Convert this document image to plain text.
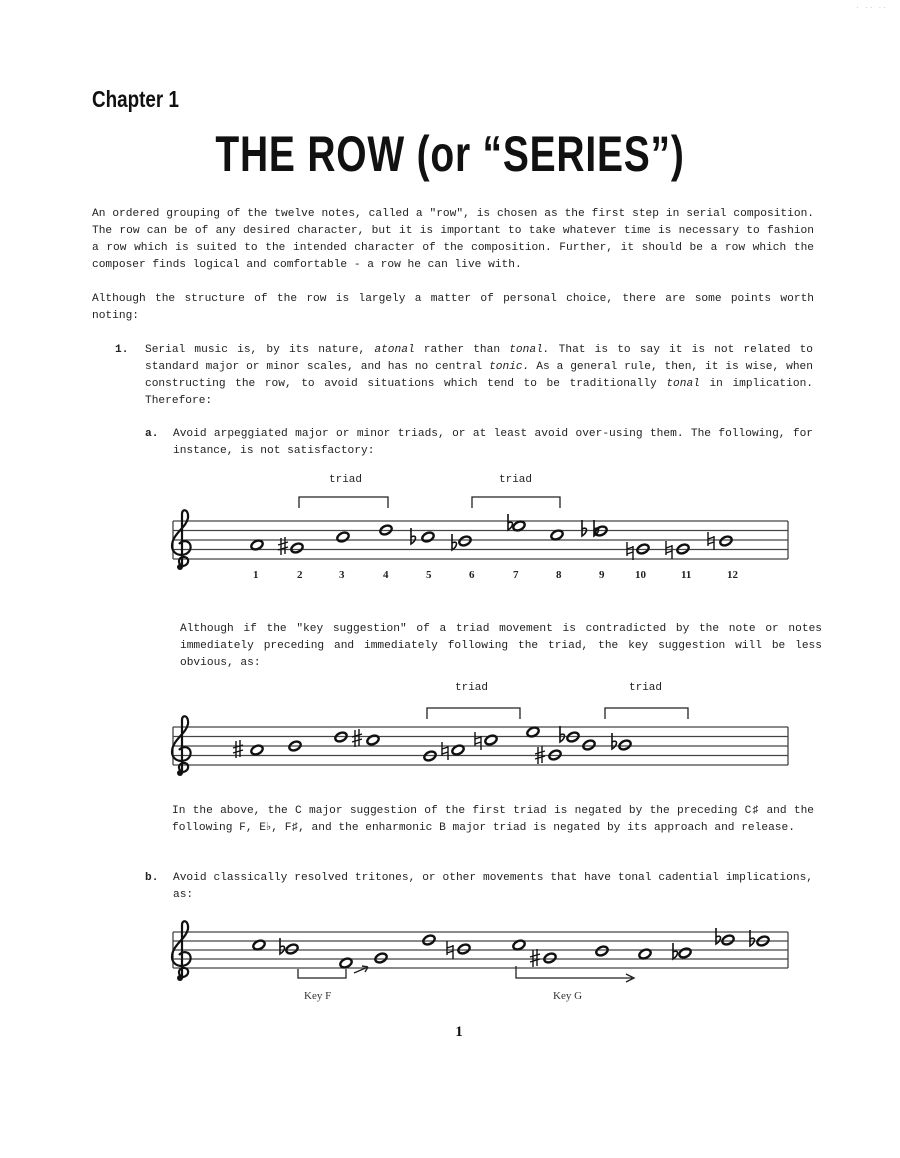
· ·· ··
Chapter 1
THE ROW (or “SERIES”)
An ordered grouping of the twelve notes, called a "row", is chosen as the first step in serial composition. The row can be of any desired character, but it is important to take whatever time is necessary to fashion a row which is suited to the intended character of the composition. Further, it should be a row which the composer finds logical and comfortable - a row he can live with.
Although the structure of the row is largely a matter of personal choice, there are some points worth noting:
1. Serial music is, by its nature, atonal rather than tonal. That is to say it is not related to standard major or minor scales, and has no central tonic. As a general rule, then, it is wise, when constructing the row, to avoid situations which tend to be traditionally tonal in implication. Therefore:
a. Avoid arpeggiated major or minor triads, or at least avoid over-using them. The following, for instance, is not satisfactory:
triad	triad
1	2	3	4	5	6	7	8	9	10	11	12
Although if the "key suggestion" of a triad movement is contradicted by the note or notes immediately preceding and immediately following the triad, the key suggestion will be less obvious, as:
triad	triad
In the above, the C major suggestion of the first triad is negated by the preceding C♯ and the following F, E♭, F♯, and the enharmonic B major triad is negated by its approach and release.
b. Avoid classically resolved tritones, or other movements that have tonal cadential implications, as:
Key F	Key G
1
